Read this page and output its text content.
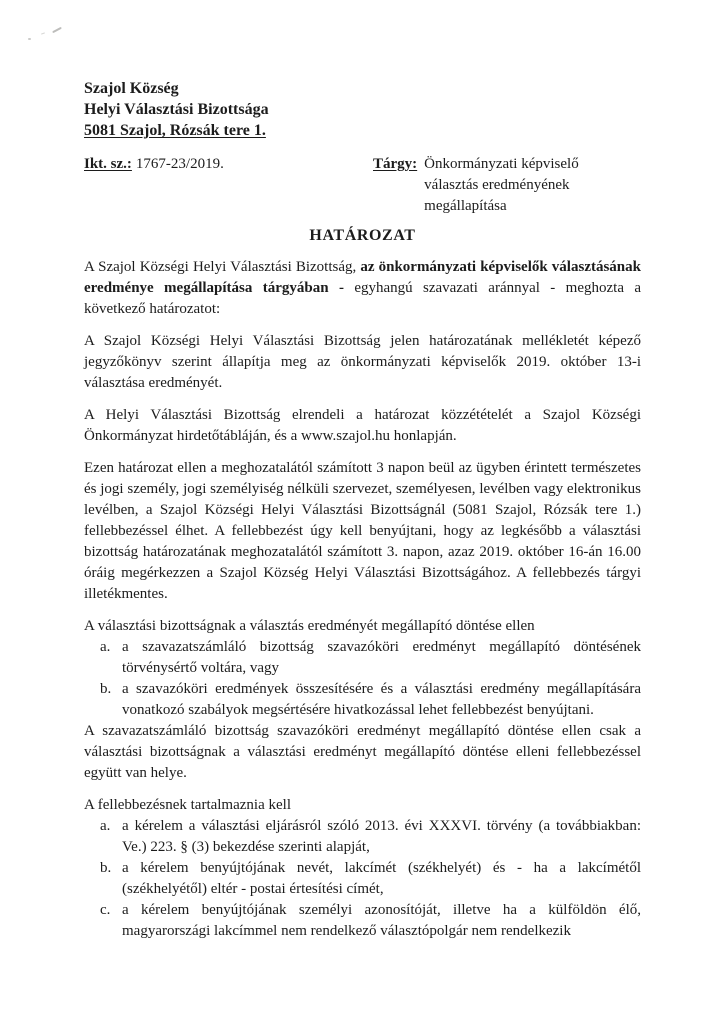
Szajol Község
Helyi Választási Bizottsága
5081 Szajol, Rózsák tere 1.
Ikt. sz.: 1767-23/2019.	Tárgy: Önkormányzati képviselő
választás eredményének
megállapítása
HATÁROZAT

A Szajol Községi Helyi Választási Bizottság, az önkormányzati képviselők választásának eredménye megállapítása tárgyában - egyhangú szavazati aránnyal - meghozta a következő határozatot:

A Szajol Községi Helyi Választási Bizottság jelen határozatának mellékletét képező jegyzőkönyv szerint állapítja meg az önkormányzati képviselők 2019. október 13-i választása eredményét.

A Helyi Választási Bizottság elrendeli a határozat közzétételét a Szajol Községi Önkormányzat hirdetőtábláján, és a www.szajol.hu honlapján.

Ezen határozat ellen a meghozatalától számított 3 napon beül az ügyben érintett természetes és jogi személy, jogi személyiség nélküli szervezet, személyesen, levélben vagy elektronikus levélben, a Szajol Községi Helyi Választási Bizottságnál (5081 Szajol, Rózsák tere 1.) fellebbezéssel élhet. A fellebbezést úgy kell benyújtani, hogy az legkésőbb a választási bizottság határozatának meghozatalától számított 3. napon, azaz 2019. október 16-án 16.00 óráig megérkezzen a Szajol Község Helyi Választási Bizottságához. A fellebbezés tárgyi illetékmentes.

A választási bizottságnak a választás eredményét megállapító döntése ellen
a. a szavazatszámláló bizottság szavazóköri eredményt megállapító döntésének törvénysértő voltára, vagy
b. a szavazóköri eredmények összesítésére és a választási eredmény megállapítására vonatkozó szabályok megsértésére hivatkozással lehet fellebbezést benyújtani.
A szavazatszámláló bizottság szavazóköri eredményt megállapító döntése ellen csak a választási bizottságnak a választási eredményt megállapító döntése elleni fellebbezéssel együtt van helye.
A fellebbezésnek tartalmaznia kell
a. a kérelem a választási eljárásról szóló 2013. évi XXXVI. törvény (a továbbiakban: Ve.) 223. § (3) bekezdése szerinti alapját,
b. a kérelem benyújtójának nevét, lakcímét (székhelyét) és - ha a lakcímétől (székhelyétől) eltér - postai értesítési címét,
c. a kérelem benyújtójának személyi azonosítóját, illetve ha a külföldön élő, magyarországi lakcímmel nem rendelkező választópolgár nem rendelkezik
